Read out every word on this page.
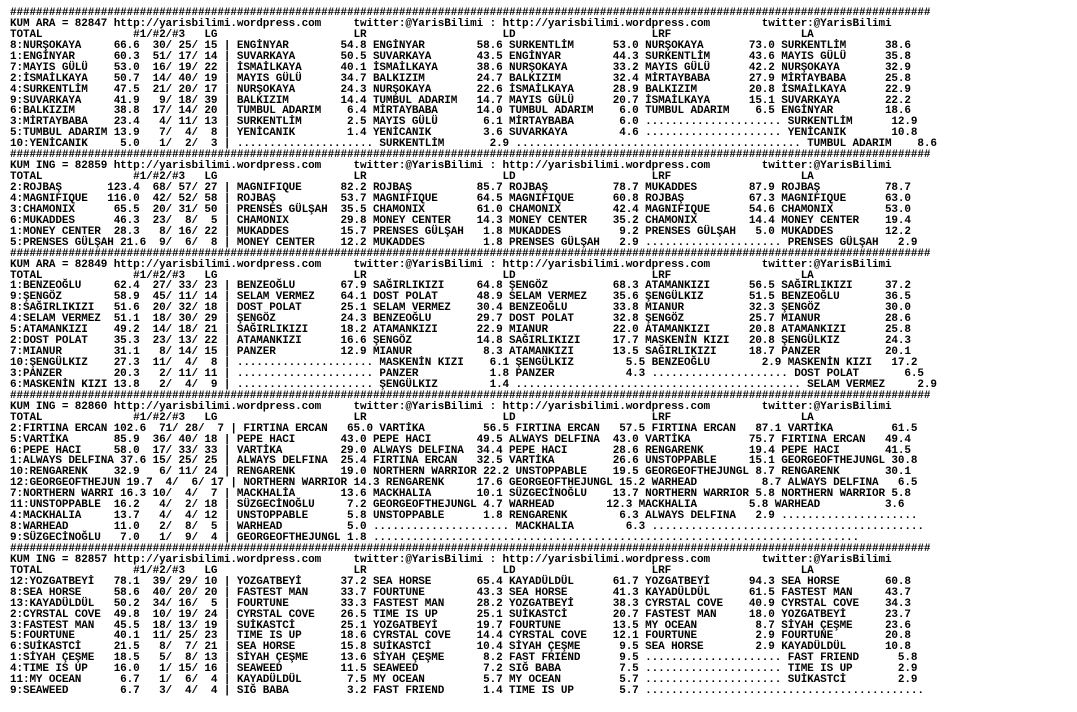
##############################################################################################################################################
KUM ARA = 82847 http://yarisbilimi.wordpress.com     twitter:@YarisBilimi : http://yarisbilimi.wordpress.com        twitter:@YarisBilimi
TOTAL              #1/#2/#3   LG                     LR                     LD                     LRF                    LA
8:NURŞOKAYA     66.6  30/ 25/ 15 | ENGİNYAR        54.8 ENGİNYAR        58.6 SURKENTLİM      53.0 NURŞOKAYA       73.0 SURKENTLİM      38.6
1:ENGİNYAR      60.3  51/ 17/ 14 | SUVARKAYA       50.5 SUVARKAYA       43.5 ENGİNYAR        44.3 SURKENTLİM      43.6 MAYIS GÜLÜ      35.8
7:MAYIS GÜLÜ    53.0  16/ 19/ 22 | İSMAİLKAYA      40.1 İSMAİLKAYA      38.6 NURŞOKAYA       33.2 MAYIS GÜLÜ      42.2 NURŞOKAYA       32.9
2:İSMAİLKAYA    50.7  14/ 40/ 19 | MAYIS GÜLÜ      34.7 BALKIZIM        24.7 BALKIZIM        32.4 MİRTAYBABA      27.9 MİRTAYBABA      25.8
4:SURKENTLİM    47.5  21/ 20/ 17 | NURŞOKAYA       24.3 NURŞOKAYA       22.6 İSMAİLKAYA      28.9 BALKIZIM        20.8 İSMAİLKAYA      22.9
9:SUVARKAYA     41.9   9/ 18/ 39 | BALKIZIM        14.4 TUMBUL ADARIM   14.7 MAYIS GÜLÜ      20.7 İSMAİLKAYA      15.1 SUVARKAYA       22.2
6:BALKIZIM      38.8  17/ 14/ 20 | TUMBUL ADARIM    6.4 MİRTAYBABA      14.0 TUMBUL ADARIM    6.0 TUMBUL ADARIM    6.5 ENGİNYAR        18.6
3:MİRTAYBABA    23.4   4/ 11/ 13 | SURKENTLİM       2.5 MAYIS GÜLÜ       6.1 MİRTAYBABA       6.0 ..................... SURKENTLİM      12.9
5:TUMBUL ADARIM 13.9   7/  4/  8 | YENİCANIK        1.4 YENİCANIK        3.6 SUVARKAYA        4.6 ..................... YENİCANIK       10.8
10:YENİCANIK     5.0   1/  2/  3 | ..................... SURKENTLİM       2.9 ............................................ TUMBUL ADARIM    8.6
##############################################################################################################################################
KUM ING = 82859 http://yarisbilimi.wordpress.com     twitter:@YarisBilimi : http://yarisbilimi.wordpress.com        twitter:@YarisBilimi
TOTAL              #1/#2/#3   LG                     LR                     LD                     LRF                    LA
2:ROJBAŞ       123.4  68/ 57/ 27 | MAGNIFIQUE      82.2 ROJBAŞ          85.7 ROJBAŞ          78.7 MUKADDES        87.9 ROJBAŞ          78.7
4:MAGNIFIQUE   116.0  42/ 52/ 58 | ROJBAŞ          53.7 MAGNIFIQUE      64.5 MAGNIFIQUE      60.8 ROJBAŞ          67.3 MAGNIFIQUE      63.0
3:CHAMONIX      65.5  20/ 31/ 50 | PRENSES GÜLŞAH  35.5 CHAMONIX        61.0 CHAMONIX        42.4 MAGNIFIQUE      54.6 CHAMONIX        53.0
6:MUKADDES      46.3  23/  8/  5 | CHAMONIX        29.8 MONEY CENTER    14.3 MONEY CENTER    35.2 CHAMONIX        14.4 MONEY CENTER    19.4
1:MONEY CENTER  28.3   8/ 16/ 22 | MUKADDES        15.7 PRENSES GÜLŞAH   1.8 MUKADDES         9.2 PRENSES GÜLŞAH   5.0 MUKADDES        12.2
5:PRENSES GÜLŞAH 21.6  9/  6/  8 | MONEY CENTER    12.2 MUKADDES         1.8 PRENSES GÜLŞAH   2.9 ..................... PRENSES GÜLŞAH   2.9
##############################################################################################################################################
KUM ARA = 82849 http://yarisbilimi.wordpress.com     twitter:@YarisBilimi : http://yarisbilimi.wordpress.com        twitter:@YarisBilimi
TOTAL              #1/#2/#3   LG                     LR                     LD                     LRF                    LA
1:BENZEOĞLU     62.4  27/ 33/ 23 | BENZEOĞLU       67.9 SAĞIRLIKIZI     64.8 ŞENGÖZ          68.3 ATAMANKIZI      56.5 SAĞIRLIKIZI     37.2
9:ŞENGÖZ        58.9  45/ 11/ 14 | SELAM VERMEZ    64.1 DOST POLAT      48.9 SELAM VERMEZ    35.6 ŞENGÜLKIZ       51.5 BENZEOĞLU       36.5
8:SAĞIRLIKIZI   51.6  20/ 32/ 18 | DOST POLAT      25.1 SELAM VERMEZ    30.4 BENZEOĞLU       33.8 MIANUR          32.3 ŞENGÖZ          30.0
4:SELAM VERMEZ  51.1  18/ 30/ 29 | ŞENGÖZ          24.3 BENZEOĞLU       29.7 DOST POLAT      32.8 ŞENGÖZ          25.7 MIANUR          28.6
5:ATAMANKIZI    49.2  14/ 18/ 21 | SAĞIRLIKIZI     18.2 ATAMANKIZI      22.9 MIANUR          22.0 ATAMANKIZI      20.8 ATAMANKIZI      25.8
2:DOST POLAT    35.3  23/ 13/ 22 | ATAMANKIZI      16.6 ŞENGÖZ          14.8 SAĞIRLIKIZI     17.7 MASKENİN KIZI   20.8 ŞENGÜLKIZ       24.3
7:MIANUR        31.1   8/ 14/ 15 | PANZER          12.9 MIANUR           8.3 ATAMANKIZI      13.5 SAĞIRLIKIZI     18.7 PANZER          20.1
10:ŞENGÜLKIZ    27.3  11/  4/  8 | ..................... MASKENİN KIZI    6.1 ŞENGÜLKIZ        5.5 BENZEOĞLU        2.9 MASKENİN KIZI   17.2
3:PANZER        20.3   2/ 11/ 11 | ..................... PANZER           1.8 PANZER           4.3 ..................... DOST POLAT       6.5
6:MASKENİN KIZI 13.8   2/  4/  9 | ..................... ŞENGÜLKIZ        1.4 ............................................ SELAM VERMEZ     2.9
##############################################################################################################################################
KUM ING = 82860 http://yarisbilimi.wordpress.com     twitter:@YarisBilimi : http://yarisbilimi.wordpress.com        twitter:@YarisBilimi
TOTAL              #1/#2/#3   LG                     LR                     LD                     LRF                    LA
2:FIRTINA ERCAN 102.6  71/ 28/  7 | FIRTINA ERCAN   65.0 VARTİKA         56.5 FIRTINA ERCAN   57.5 FIRTINA ERCAN   87.1 VARTİKA         61.5
5:VARTİKA       85.9  36/ 40/ 18 | PEPE HACI       43.0 PEPE HACI       49.5 ALWAYS DELFINA  43.0 VARTİKA         75.7 FIRTINA ERCAN   49.4
6:PEPE HACI     58.0  17/ 33/ 33 | VARTİKA         29.0 ALWAYS DELFINA  34.4 PEPE HACI       28.6 RENGARENK       19.4 PEPE HACI       41.5
1:ALWAYS DELFINA 37.6 15/ 25/ 25 | ALWAYS DELFINA  25.4 FIRTINA ERCAN   32.5 VARTİKA         26.6 UNSTOPPABLE     15.1 GEORGEOFTHEJUNGL 30.8
10:RENGARENK    32.9   6/ 11/ 24 | RENGARENK       19.0 NORTHERN WARRIOR 22.2 UNSTOPPABLE    19.5 GEORGEOFTHEJUNGL 8.7 RENGARENK       30.1
12:GEORGEOFTHEJUN 19.7  4/  6/ 17 | NORTHERN WARRIOR 14.3 RENGARENK     17.6 GEORGEOFTHEJUNGL 15.2 WARHEAD          8.7 ALWAYS DELFINA   6.5
7:NORTHERN WARRI 16.3 10/  4/  7 | MACKHALİA       13.6 MACKHALIA       10.1 SÜZGECİNOĞLU    13.7 NORTHERN WARRIOR 5.8 NORTHERN WARRIOR 5.8
11:UNSTOPPABLE  16.2   4/  2/ 18 | SÜZGECİNOĞLU     7.2 GEORGEOFTHEJUNGL 4.7 WARHEAD        12.3 MACKHALIA        5.8 WARHEAD          3.6
4:MACKHALIA     13.7   4/  4/ 12 | UNSTOPPABLE      5.8 UNSTOPPABLE      1.8 RENGARENK        6.3 ALWAYS DELFINA   2.9 .....................
8:WARHEAD       11.0   2/  8/  5 | WARHEAD          5.0 ..................... MACKHALIA        6.3 ..........................................
9:SÜZGECİNOĞLU   7.0   1/  9/  4 | GEORGEOFTHEJUNGL 1.8 ...........................................................................
##############################################################################################################################################
KUM ING = 82857 http://yarisbilimi.wordpress.com     twitter:@YarisBilimi : http://yarisbilimi.wordpress.com        twitter:@YarisBilimi
TOTAL              #1/#2/#3   LG                     LR                     LD                     LRF                    LA
12:YOZGATBEYİ   78.1  39/ 29/ 10 | YOZGATBEYİ      37.2 SEA HORSE       65.4 KAYADÜLDÜL      61.7 YOZGATBEYİ      94.3 SEA HORSE       60.8
8:SEA HORSE     58.6  40/ 20/ 20 | FASTEST MAN     33.7 FOURTUNE        43.3 SEA HORSE       41.3 KAYADÜLDÜL      61.5 FASTEST MAN     43.7
13:KAYADÜLDÜL   50.2  34/ 16/  5 | FOURTUNE        33.3 FASTEST MAN     28.2 YOZGATBEYİ      38.3 CYRSTAL COVE    40.9 CYRSTAL COVE    34.3
2:CYRSTAL COVE  49.8  10/ 19/ 24 | CYRSTAL COVE    26.5 TIME IS UP      25.1 SUİKASTCİ       20.7 FASTEST MAN     18.0 YOZGATBEYİ      23.7
3:FASTEST MAN   45.5  18/ 13/ 19 | SUİKASTCİ       25.1 YOZGATBEYİ      19.7 FOURTUNE        13.5 MY OCEAN         8.7 SİYAH ÇEŞME     23.6
5:FOURTUNE      40.1  11/ 25/ 23 | TIME IS UP      18.6 CYRSTAL COVE    14.4 CYRSTAL COVE    12.1 FOURTUNE         2.9 FOURTUNE        20.8
6:SUİKASTCİ     21.5   8/  7/ 21 | SEA HORSE       15.8 SUİKASTCİ       10.4 SİYAH ÇEŞME      9.5 SEA HORSE        2.9 KAYADÜLDÜL      10.8
1:SİYAH ÇEŞME   18.5   5/  8/ 13 | SİYAH ÇEŞME     13.6 SİYAH ÇEŞME      8.2 FAST FRIEND      9.5 ..................... FAST FRIEND      5.8
4:TIME IS UP    16.0   1/ 15/ 16 | SEAWEED         11.5 SEAWEED          7.2 SIĞ BABA         7.5 ..................... TIME IS UP       2.9
11:MY OCEAN      6.7   1/  6/  4 | KAYADÜLDÜL       7.5 MY OCEAN         5.7 MY OCEAN         5.7 ..................... SUİKASTCİ        2.9
9:SEAWEED        6.7   3/  4/  4 | SIĞ BABA         3.2 FAST FRIEND      1.4 TIME IS UP       5.7 ...........................................
